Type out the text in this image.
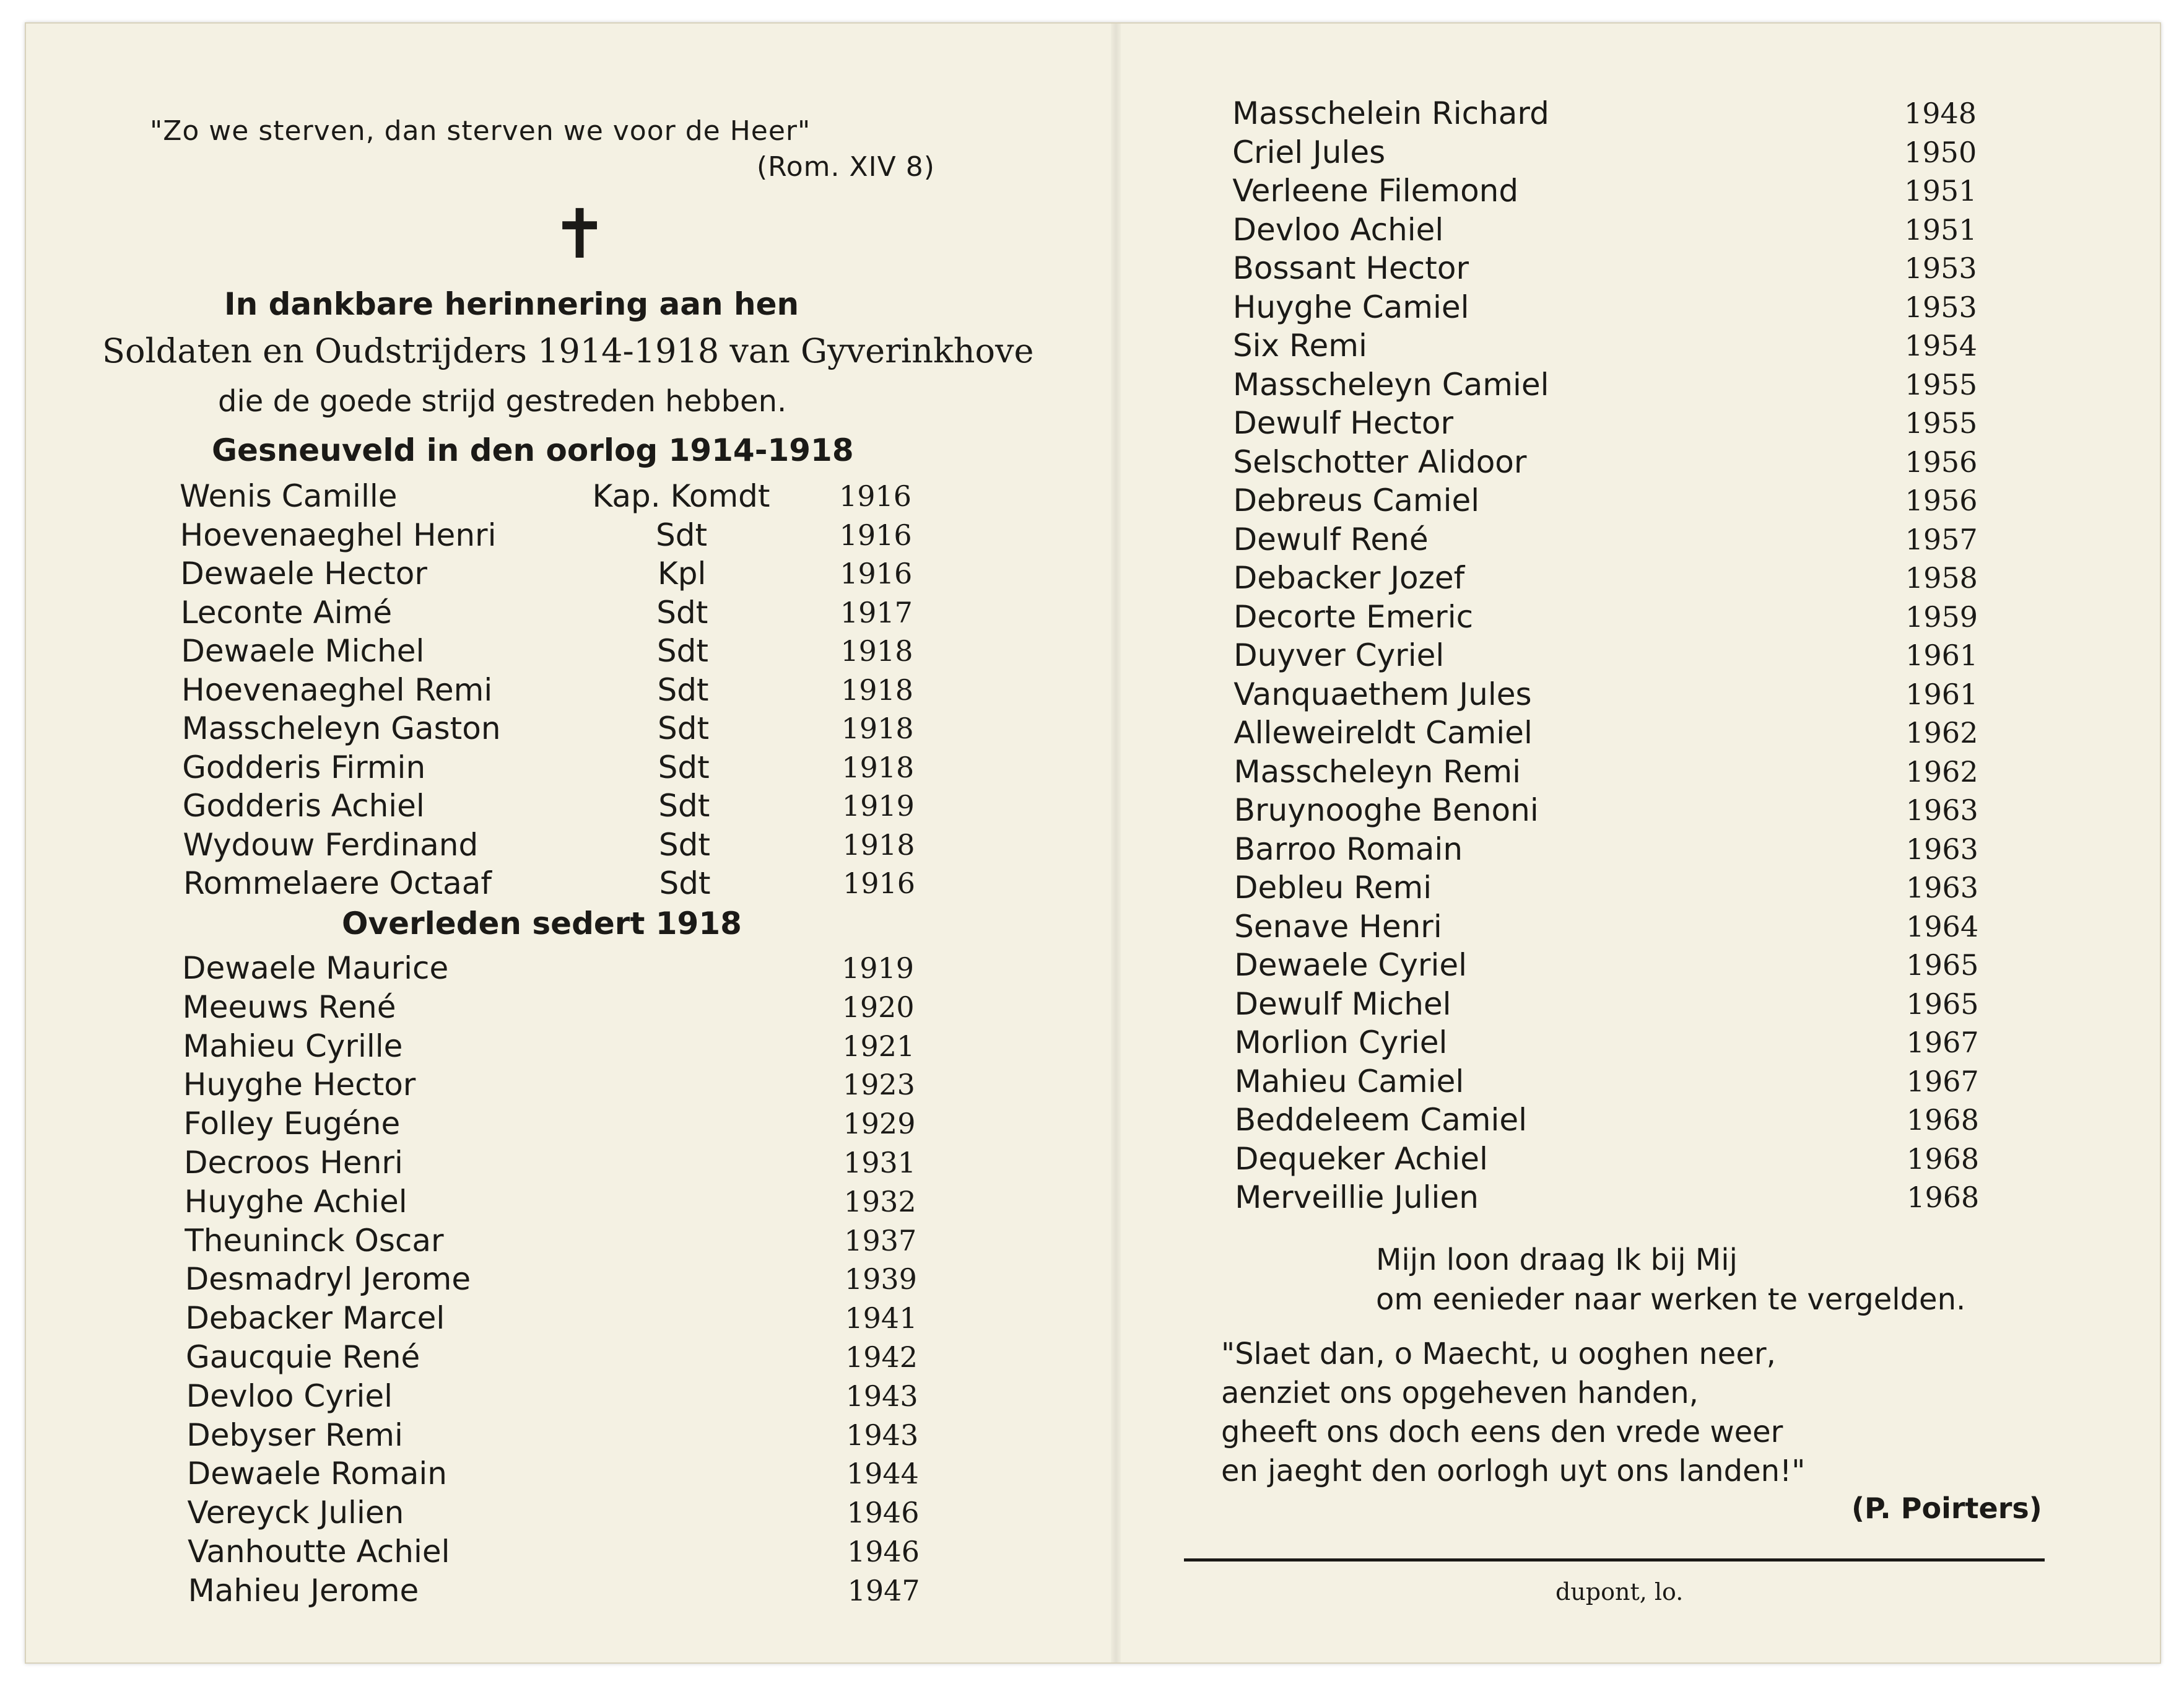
"Zo we sterven, dan sterven we voor de Heer"
(Rom. XIV 8)
✝
In dankbare herinnering aan hen
Soldaten en Oudstrijders 1914-1918 van Gyverinkhove
die de goede strijd gestreden hebben.
Gesneuveld in den oorlog 1914-1918
Wenis Camille	Kap. Komdt 1916
Hoevenaeghel Henri	Sdt	1916
Dewaele Hector	Kpl	1916
Leconte Aimé	Sdt	1917
Dewaele Michel	Sdt	1918
Hoevenaeghel Remi	Sdt	1918
Masscheleyn Gaston	Sdt	1918
Godderis Firmin	Sdt	1918
Godderis Achiel	Sdt	1919
Wydouw Ferdinand	Sdt	1918
Rommelaere Octaaf	Sdt	1916
Overleden sedert 1918
Dewaele Maurice	1919
Meeuws René	1920
Mahieu Cyrille	1921
Huyghe Hector	1923
Folley Eugéne	1929
Decroos Henri	1931
Huyghe Achiel	1932
Theuninck Oscar	1937
Desmadryl Jerome	1939
Debacker Marcel	1941
Gaucquie René	1942
Devloo Cyriel	1943
Debyser Remi	1943
Dewaele Romain	1944
Vereyck Julien	1946
Vanhoutte Achiel	1946
Mahieu Jerome	1947
Masschelein Richard	1948
Criel Jules	1950
Verleene Filemond	1951
Devloo Achiel	1951
Bossant Hector	1953
Huyghe Camiel	1953
Six Remi	1954
Masscheleyn Camiel	1955
Dewulf Hector	1955
Selschotter Alidoor	1956
Debreus Camiel	1956
Dewulf René	1957
Debacker Jozef	1958
Decorte Emeric	1959
Duyver Cyriel	1961
Vanquaethem Jules	1961
Alleweireldt Camiel	1962
Masscheleyn Remi	1962
Bruynooghe Benoni	1963
Barroo Romain	1963
Debleu Remi	1963
Senave Henri	1964
Dewaele Cyriel	1965
Dewulf Michel	1965
Morlion Cyriel	1967
Mahieu Camiel	1967
Beddeleem Camiel	1968
Dequeker Achiel	1968
Merveillie Julien	1968
Mijn loon draag Ik bij Mij
om eenieder naar werken te vergelden.
"Slaet dan, o Maecht, u ooghen neer,
aenziet ons opgeheven handen,
gheeft ons doch eens den vrede weer
en jaeght den oorlogh uyt ons landen!"
(P. Poirters)
dupont, lo.
